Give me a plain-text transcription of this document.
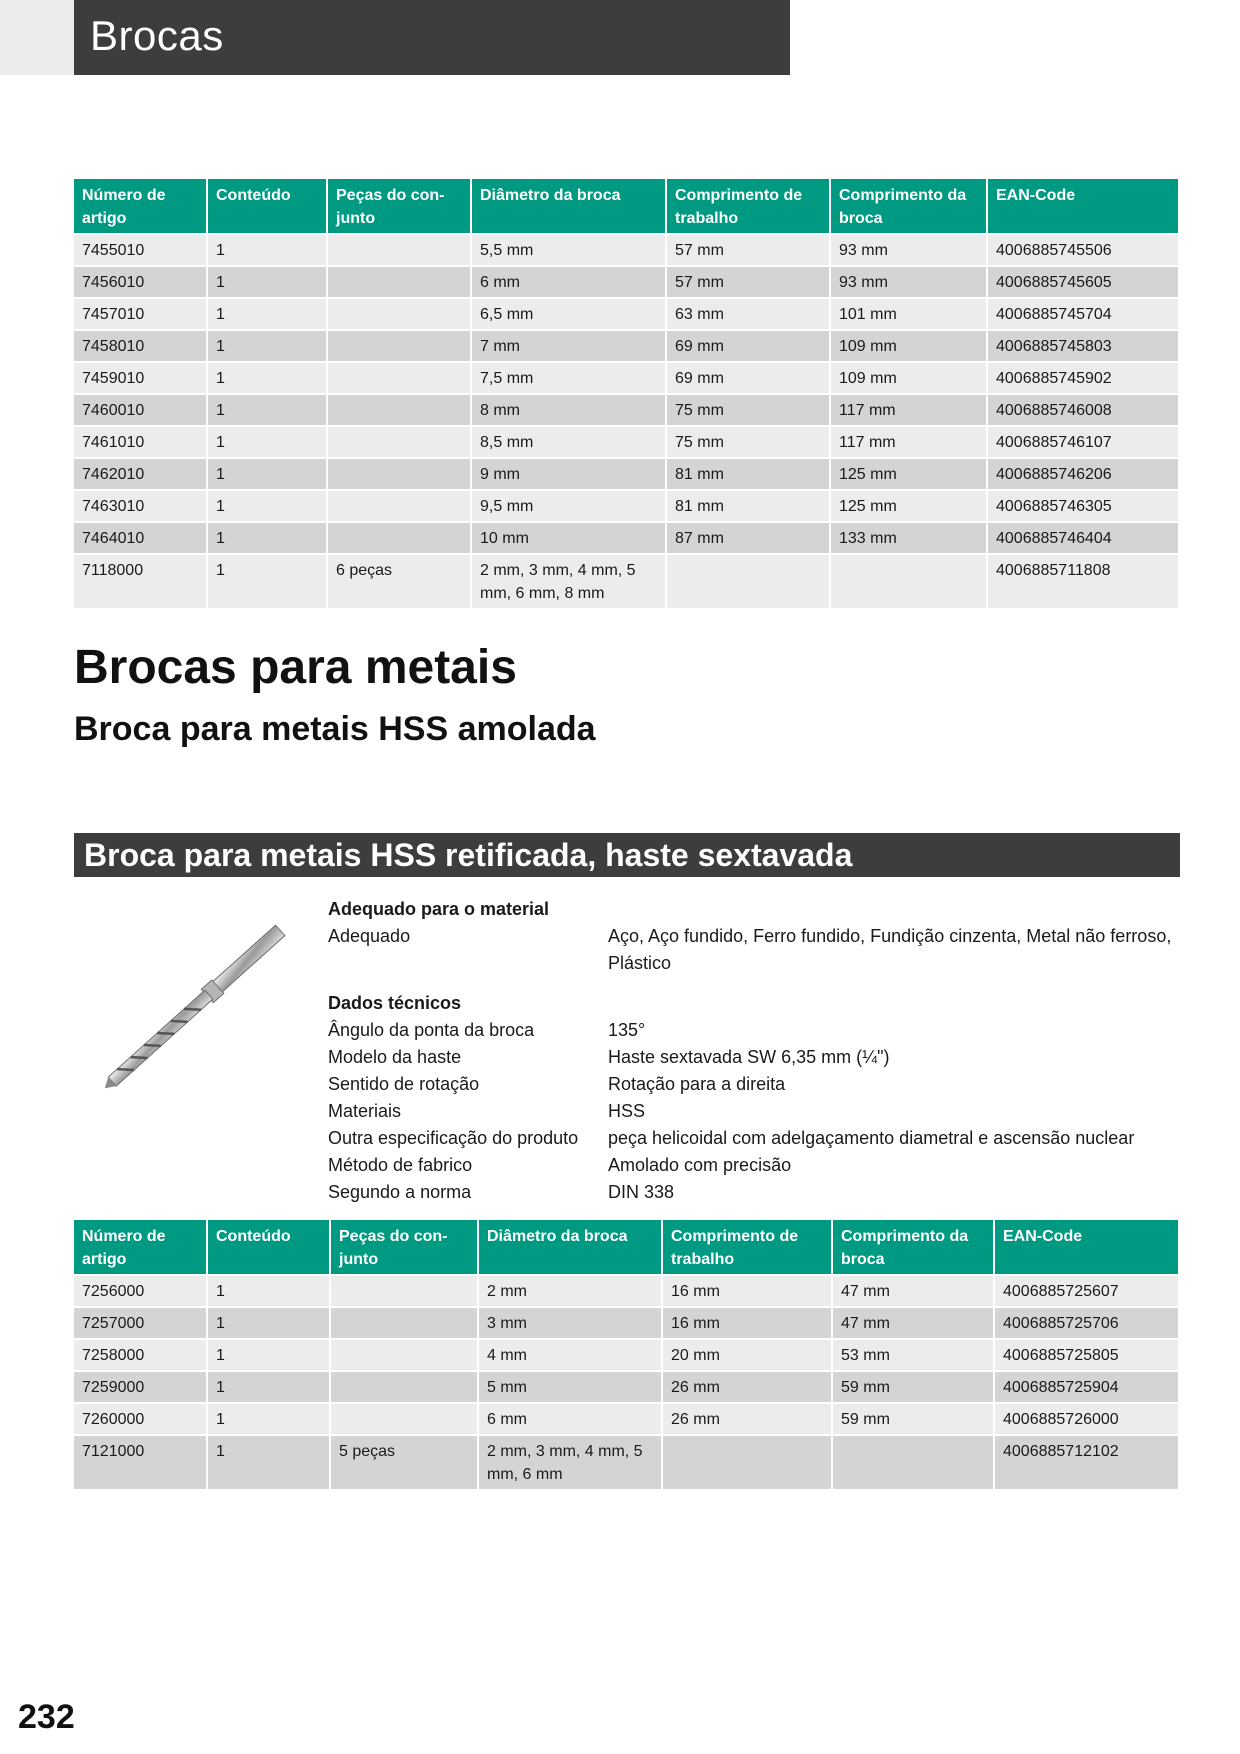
Brocas
Número de artigo	Conteúdo	Peças do con- junto	Diâmetro da broca	Comprimento de trabalho	Comprimento da broca	EAN-Code
7455010	1		5,5 mm	57 mm	93 mm	4006885745506
7456010	1		6 mm	57 mm	93 mm	4006885745605
7457010	1		6,5 mm	63 mm	101 mm	4006885745704
7458010	1		7 mm	69 mm	109 mm	4006885745803
7459010	1		7,5 mm	69 mm	109 mm	4006885745902
7460010	1		8 mm	75 mm	117 mm	4006885746008
7461010	1		8,5 mm	75 mm	117 mm	4006885746107
7462010	1		9 mm	81 mm	125 mm	4006885746206
7463010	1		9,5 mm	81 mm	125 mm	4006885746305
7464010	1		10 mm	87 mm	133 mm	4006885746404
7118000	1	6 peças	2 mm, 3 mm, 4 mm, 5 mm, 6 mm, 8 mm			4006885711808
Brocas para metais
Broca para metais HSS amolada
Broca para metais HSS retificada, haste sextavada
Adequado para o material
Adequado	Aço, Aço fundido, Ferro fundido, Fundição cinzenta, Metal não ferroso, Plástico
Dados técnicos
Ângulo da ponta da broca	135°
Modelo da haste	Haste sextavada SW 6,35 mm (¼")
Sentido de rotação	Rotação para a direita
Materiais	HSS
Outra especificação do produto	peça helicoidal com adelgaçamento diametral e ascensão nuclear
Método de fabrico	Amolado com precisão
Segundo a norma	DIN 338
Número de artigo	Conteúdo	Peças do con- junto	Diâmetro da broca	Comprimento de trabalho	Comprimento da broca	EAN-Code
7256000	1		2 mm	16 mm	47 mm	4006885725607
7257000	1		3 mm	16 mm	47 mm	4006885725706
7258000	1		4 mm	20 mm	53 mm	4006885725805
7259000	1		5 mm	26 mm	59 mm	4006885725904
7260000	1		6 mm	26 mm	59 mm	4006885726000
7121000	1	5 peças	2 mm, 3 mm, 4 mm, 5 mm, 6 mm			4006885712102
232
